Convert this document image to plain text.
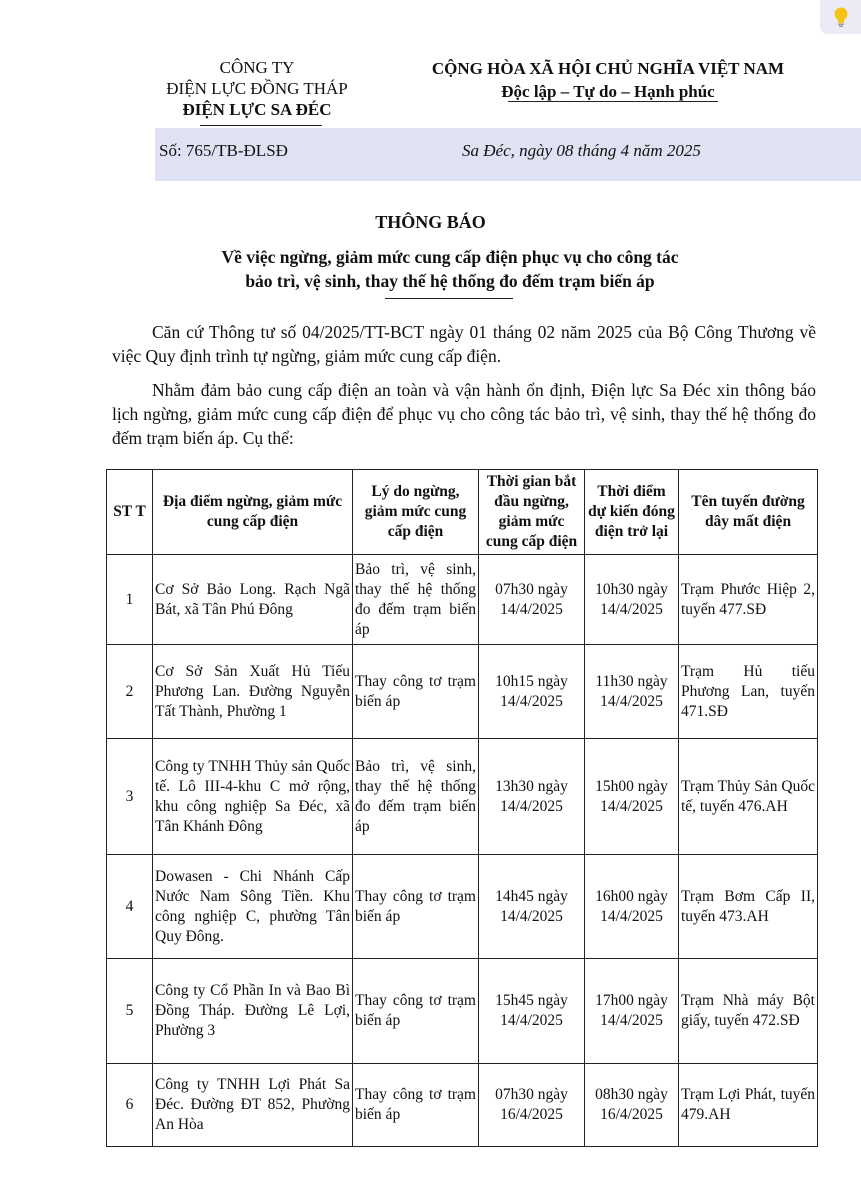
CÔNG TY
ĐIỆN LỰC ĐỒNG THÁP
ĐIỆN LỰC SA ĐÉC
CỘNG HÒA XÃ HỘI CHỦ NGHĨA VIỆT NAM
Độc lập – Tự do – Hạnh phúc
Số: 765/TB-ĐLSĐ	Sa Đéc, ngày 08 tháng 4 năm 2025
THÔNG BÁO
Về việc ngừng, giảm mức cung cấp điện phục vụ cho công tác
bảo trì, vệ sinh, thay thế hệ thống đo đếm trạm biến áp
Căn cứ Thông tư số 04/2025/TT-BCT ngày 01 tháng 02 năm 2025 của Bộ Công Thương về việc Quy định trình tự ngừng, giảm mức cung cấp điện.
Nhằm đảm bảo cung cấp điện an toàn và vận hành ổn định, Điện lực Sa Đéc xin thông báo lịch ngừng, giảm mức cung cấp điện để phục vụ cho công tác bảo trì, vệ sinh, thay thế hệ thống đo đếm trạm biến áp. Cụ thể:
ST T	Địa điểm ngừng, giảm mức cung cấp điện	Lý do ngừng, giảm mức cung cấp điện	Thời gian bắt đầu ngừng, giảm mức cung cấp điện	Thời điểm dự kiến đóng điện trở lại	Tên tuyến đường dây mất điện
1	Cơ Sở Bảo Long. Rạch Ngã Bát, xã Tân Phú Đông	Bảo trì, vệ sinh, thay thế hệ thống đo đếm trạm biến áp	07h30 ngày 14/4/2025	10h30 ngày 14/4/2025	Trạm Phước Hiệp 2, tuyến 477.SĐ
2	Cơ Sở Sản Xuất Hủ Tiếu Phương Lan. Đường Nguyễn Tất Thành, Phường 1	Thay công tơ trạm biến áp	10h15 ngày 14/4/2025	11h30 ngày 14/4/2025	Trạm Hủ tiếu Phương Lan, tuyến 471.SĐ
3	Công ty TNHH Thủy sản Quốc tế. Lô III-4-khu C mở rộng, khu công nghiệp Sa Đéc, xã Tân Khánh Đông	Bảo trì, vệ sinh, thay thế hệ thống đo đếm trạm biến áp	13h30 ngày 14/4/2025	15h00 ngày 14/4/2025	Trạm Thủy Sản Quốc tế, tuyến 476.AH
4	Dowasen - Chi Nhánh Cấp Nước Nam Sông Tiền. Khu công nghiệp C, phường Tân Quy Đông.	Thay công tơ trạm biến áp	14h45 ngày 14/4/2025	16h00 ngày 14/4/2025	Trạm Bơm Cấp II, tuyến 473.AH
5	Công ty Cổ Phần In và Bao Bì Đồng Tháp. Đường Lê Lợi, Phường 3	Thay công tơ trạm biến áp	15h45 ngày 14/4/2025	17h00 ngày 14/4/2025	Trạm Nhà máy Bột giấy, tuyến 472.SĐ
6	Công ty TNHH Lợi Phát Sa Đéc. Đường ĐT 852, Phường An Hòa	Thay công tơ trạm biến áp	07h30 ngày 16/4/2025	08h30 ngày 16/4/2025	Trạm Lợi Phát, tuyến 479.AH
